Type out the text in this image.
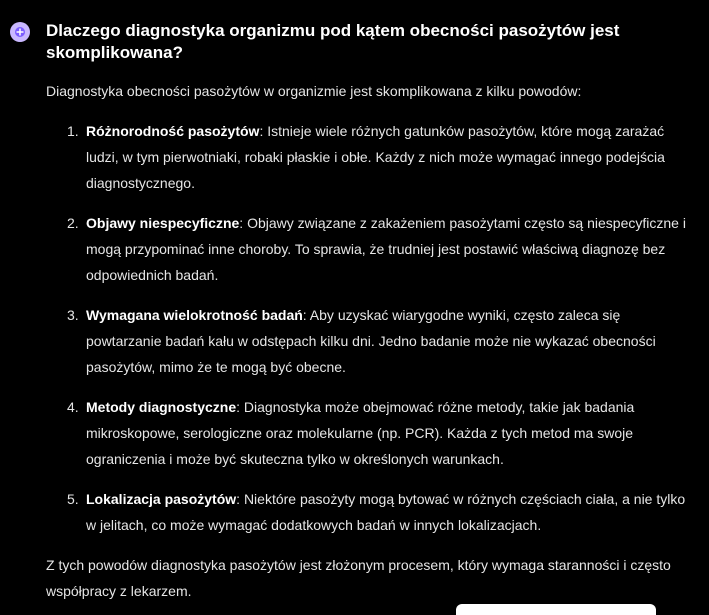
Dlaczego diagnostyka organizmu pod kątem obecności pasożytów jest skomplikowana?

Diagnostyka obecności pasożytów w organizmie jest skomplikowana z kilku powodów:

1. Różnorodność pasożytów: Istnieje wiele różnych gatunków pasożytów, które mogą zarażać ludzi, w tym pierwotniaki, robaki płaskie i obłe. Każdy z nich może wymagać innego podejścia diagnostycznego.
2. Objawy niespecyficzne: Objawy związane z zakażeniem pasożytami często są niespecyficzne i mogą przypominać inne choroby. To sprawia, że trudniej jest postawić właściwą diagnozę bez odpowiednich badań.
3. Wymagana wielokrotność badań: Aby uzyskać wiarygodne wyniki, często zaleca się powtarzanie badań kału w odstępach kilku dni. Jedno badanie może nie wykazać obecności pasożytów, mimo że te mogą być obecne.
4. Metody diagnostyczne: Diagnostyka może obejmować różne metody, takie jak badania mikroskopowe, serologiczne oraz molekularne (np. PCR). Każda z tych metod ma swoje ograniczenia i może być skuteczna tylko w określonych warunkach.
5. Lokalizacja pasożytów: Niektóre pasożyty mogą bytować w różnych częściach ciała, a nie tylko w jelitach, co może wymagać dodatkowych badań w innych lokalizacjach.

Z tych powodów diagnostyka pasożytów jest złożonym procesem, który wymaga staranności i często współpracy z lekarzem.
